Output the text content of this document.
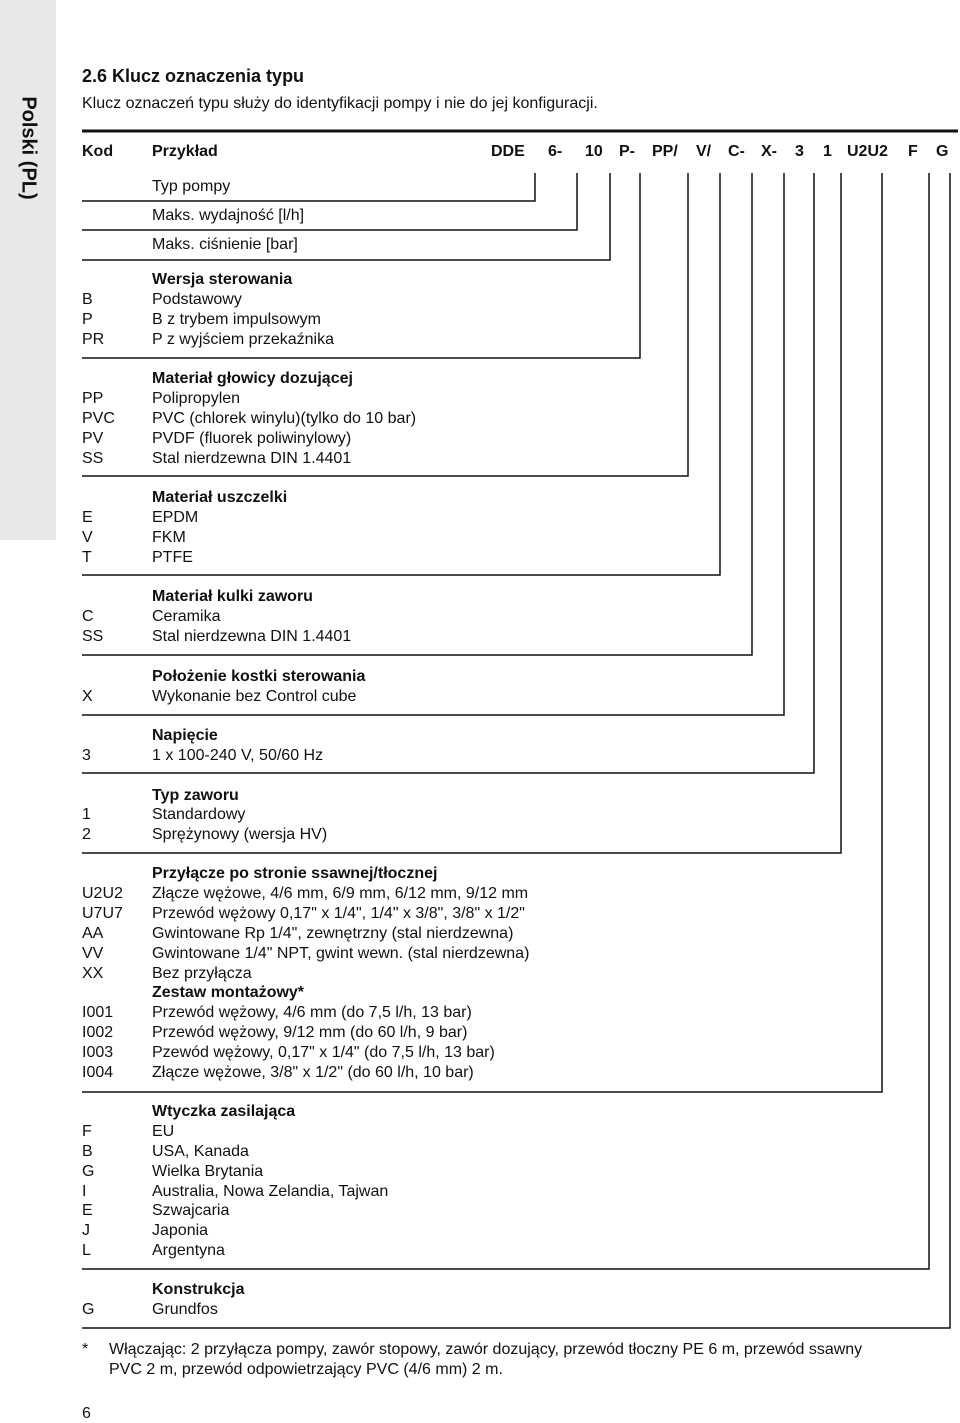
Polski (PL)
2.6 Klucz oznaczenia typu
Klucz oznaczeń typu służy do identyfikacji pompy i nie do jej konfiguracji.
Kod Przykład	DDE 6- 10 P- PP/ V/ C- X- 3 1 U2U2 F G
Typ pompy
Maks. wydajność [l/h]
Maks. ciśnienie [bar]
Wersja sterowania
B	Podstawowy
P	B z trybem impulsowym
PR	P z wyjściem przekaźnika
Materiał głowicy dozującej
PP	Polipropylen
PVC PVC (chlorek winylu)(tylko do 10 bar)
PV	PVDF (fluorek poliwinylowy)
SS	Stal nierdzewna DIN 1.4401
Materiał uszczelki
E	EPDM
V	FKM
T	PTFE
Materiał kulki zaworu
C	Ceramika
SS	Stal nierdzewna DIN 1.4401
Położenie kostki sterowania
X	Wykonanie bez Control cube
Napięcie
3	1 x 100-240 V, 50/60 Hz
Typ zaworu
1	Standardowy
2	Sprężynowy (wersja HV)
Przyłącze po stronie ssawnej/tłocznej
U2U2 Złącze wężowe, 4/6 mm, 6/9 mm, 6/12 mm, 9/12 mm
U7U7 Przewód wężowy 0,17" x 1/4", 1/4" x 3/8", 3/8" x 1/2"
AA	Gwintowane Rp 1/4", zewnętrzny (stal nierdzewna)
VV	Gwintowane 1/4" NPT, gwint wewn. (stal nierdzewna)
XX	Bez przyłącza
Zestaw montażowy*
I001 Przewód wężowy, 4/6 mm (do 7,5 l/h, 13 bar)
I002 Przewód wężowy, 9/12 mm (do 60 l/h, 9 bar)
I003 Pzewód wężowy, 0,17" x 1/4" (do 7,5 l/h, 13 bar)
I004 Złącze wężowe, 3/8" x 1/2" (do 60 l/h, 10 bar)
Wtyczka zasilająca
F	EU
B	USA, Kanada
G	Wielka Brytania
I	Australia, Nowa Zelandia, Tajwan
E	Szwajcaria
J	Japonia
L	Argentyna
Konstrukcja
G	Grundfos
* Włączając: 2 przyłącza pompy, zawór stopowy, zawór dozujący, przewód tłoczny PE 6 m, przewód ssawny
PVC 2 m, przewód odpowietrzający PVC (4/6 mm) 2 m.
6
